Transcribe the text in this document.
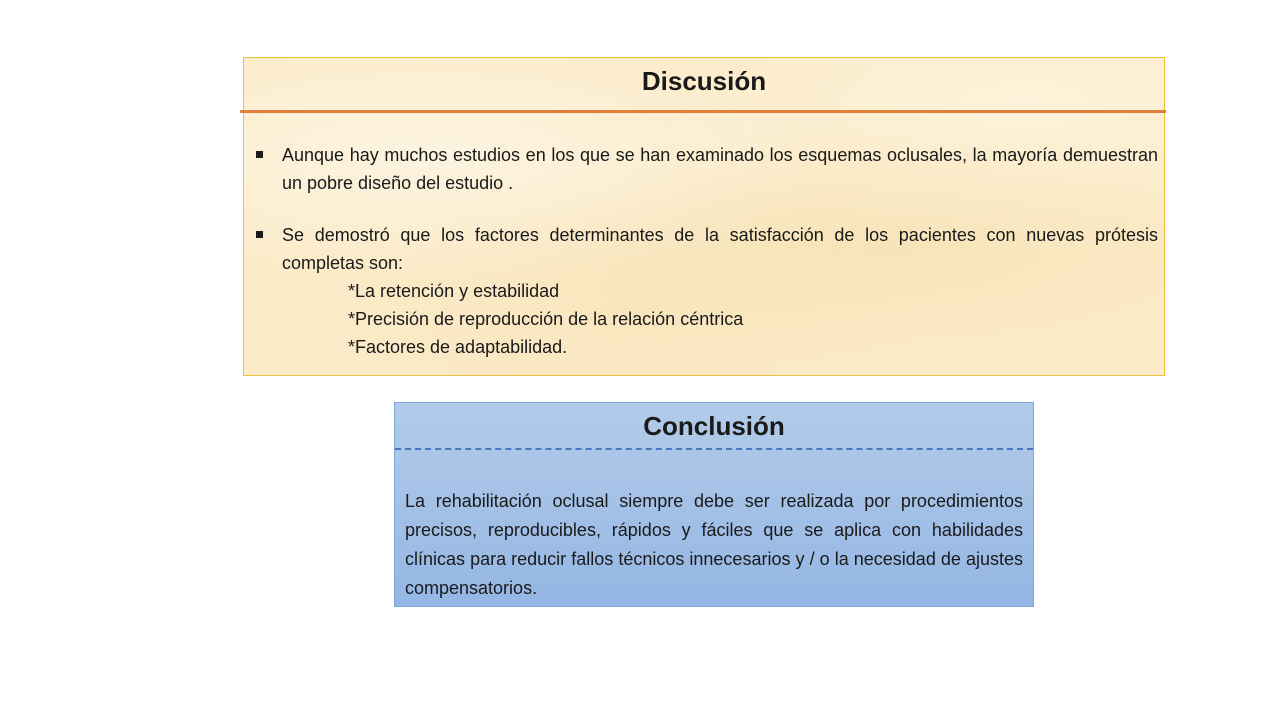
Discusión
Aunque hay muchos estudios en los que se han examinado los esquemas oclusales, la mayoría demuestran un pobre diseño del estudio .
Se demostró que los factores determinantes de la satisfacción de los pacientes con nuevas prótesis completas son:
*La retención y estabilidad
*Precisión de reproducción de la relación céntrica
*Factores de adaptabilidad.
Conclusión

La rehabilitación oclusal siempre debe ser realizada por procedimientos precisos, reproducibles, rápidos y fáciles que se aplica con habilidades clínicas para reducir fallos técnicos innecesarios y / o la necesidad de ajustes compensatorios.
